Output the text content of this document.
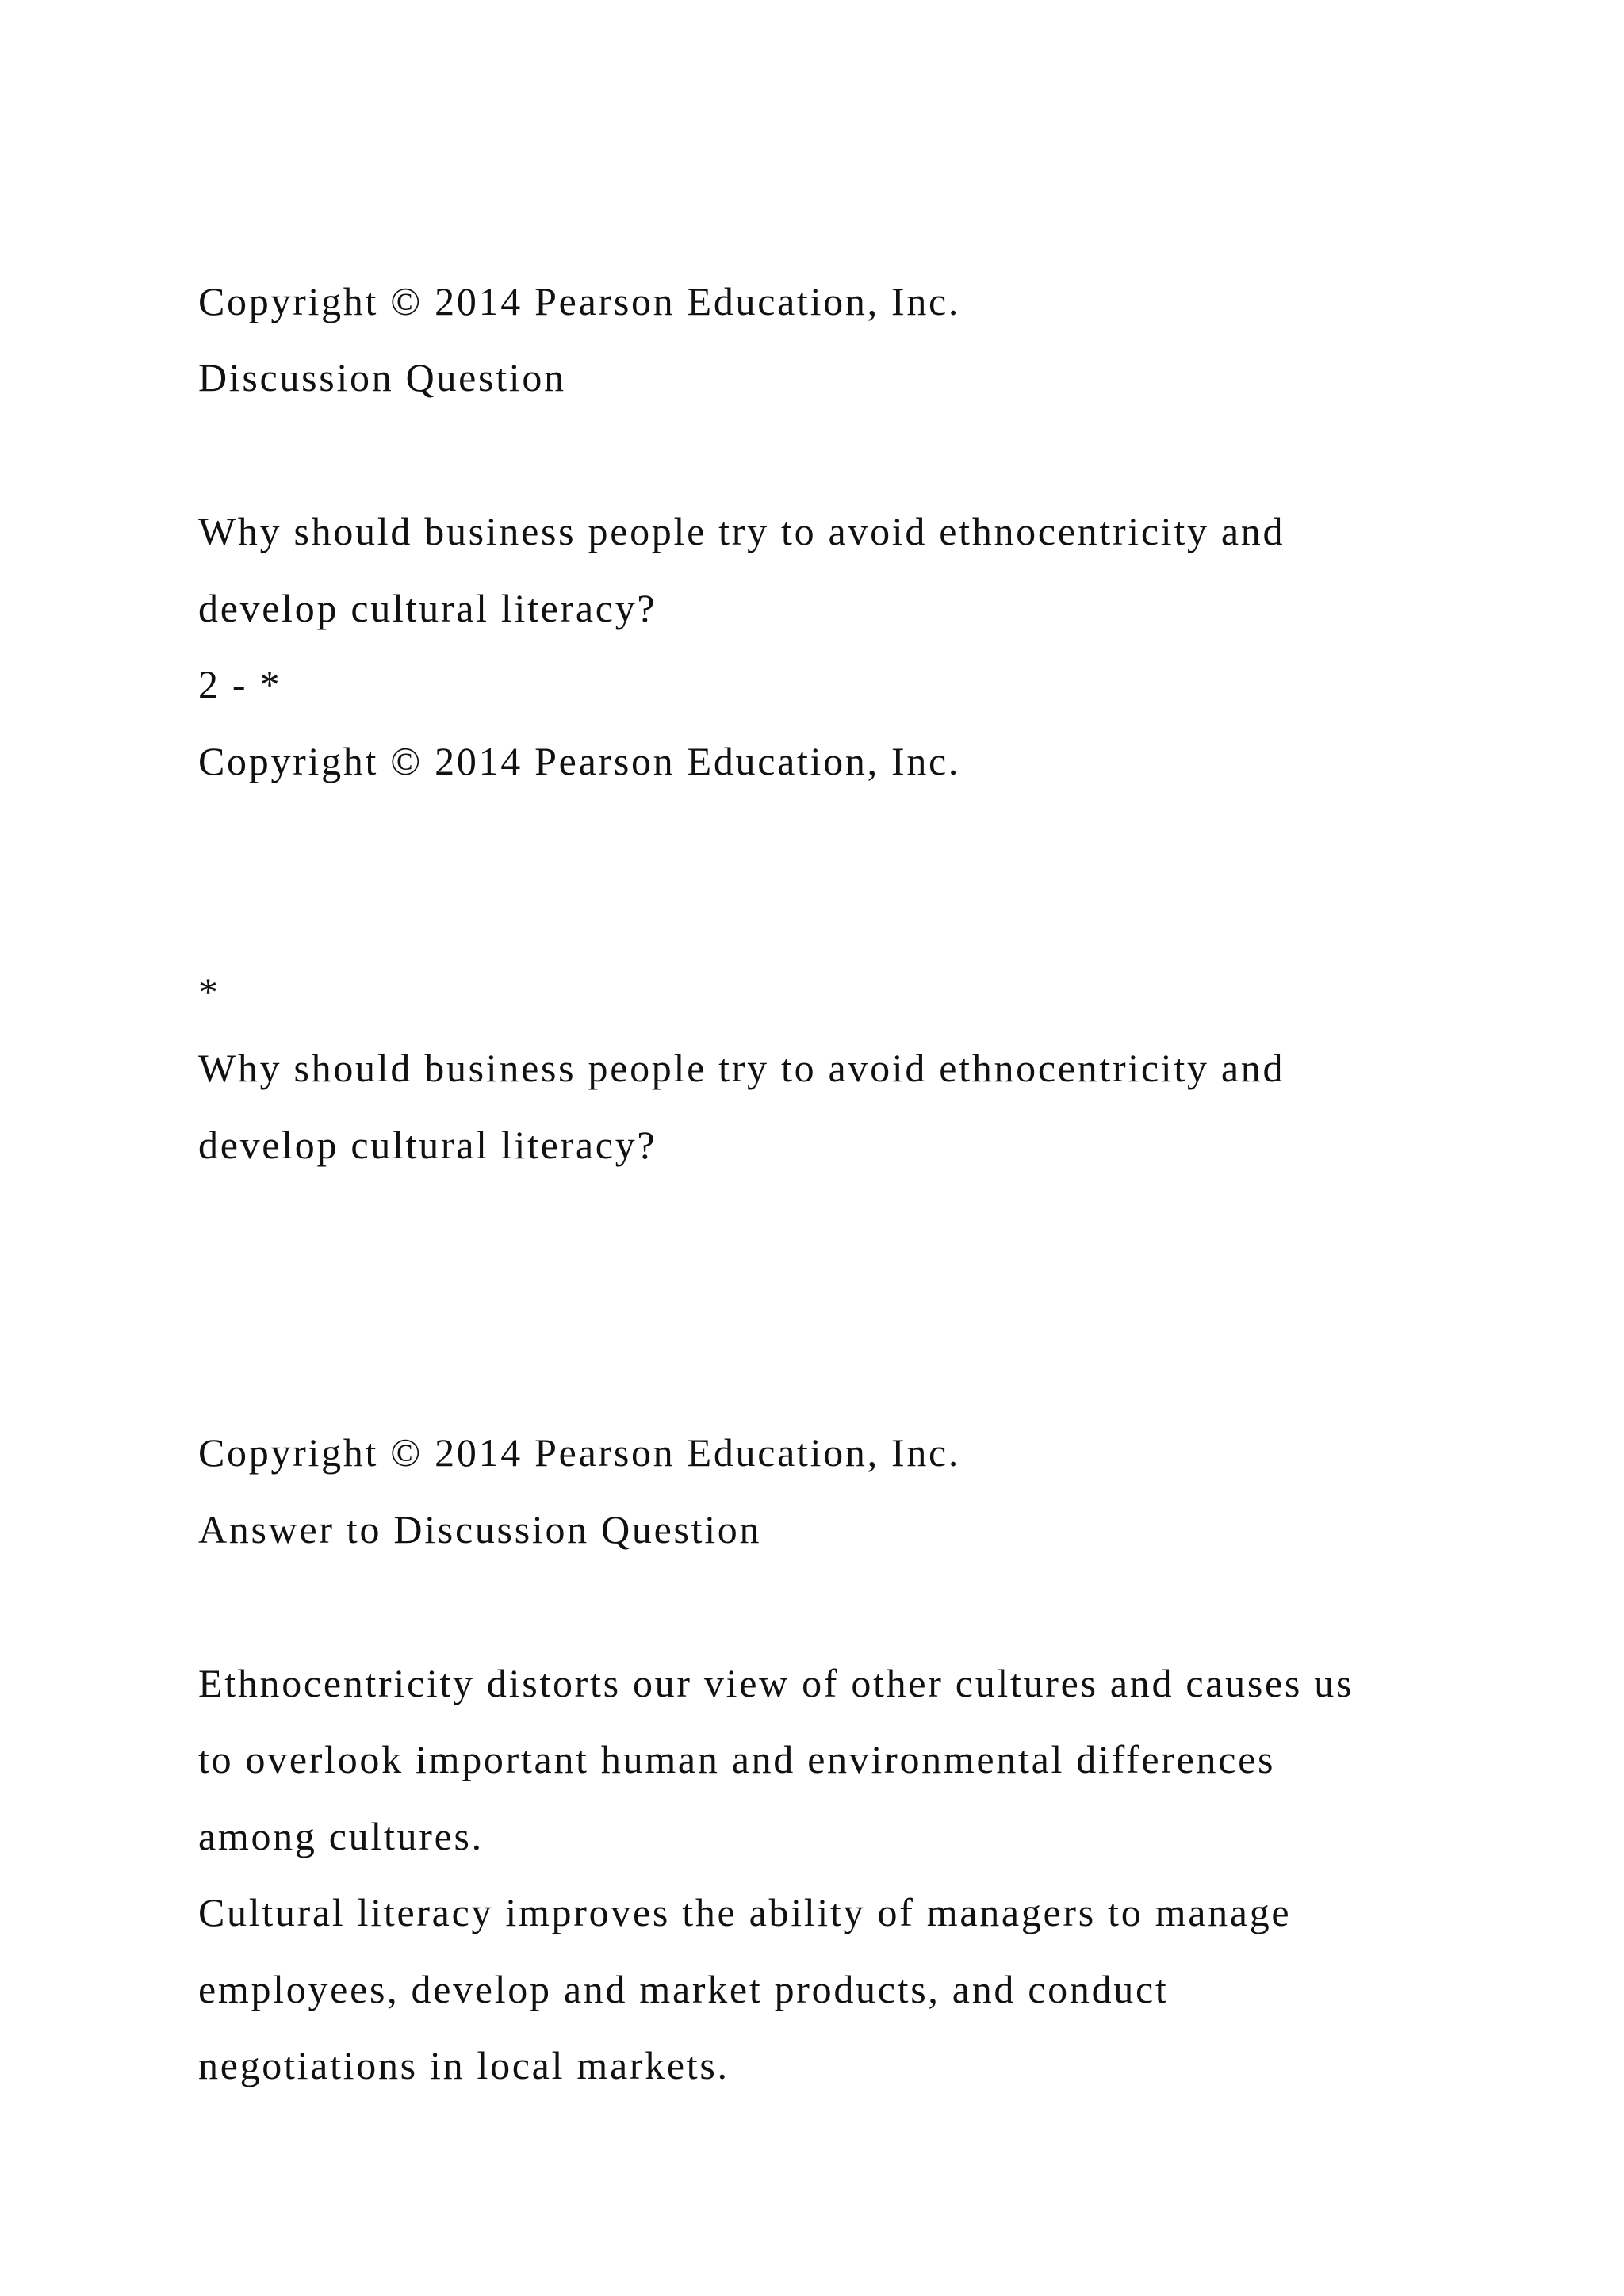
Copyright © 2014 Pearson Education, Inc.

Discussion Question

Why should business people try to avoid ethnocentricity and

develop cultural literacy?

2 - *

Copyright © 2014 Pearson Education, Inc.

*

Why should business people try to avoid ethnocentricity and

develop cultural literacy?

Copyright © 2014 Pearson Education, Inc.

Answer to Discussion Question

Ethnocentricity distorts our view of other cultures and causes us

to overlook important human and environmental differences

among cultures.

Cultural literacy improves the ability of managers to manage

employees, develop and market products, and conduct

negotiations in local markets.
